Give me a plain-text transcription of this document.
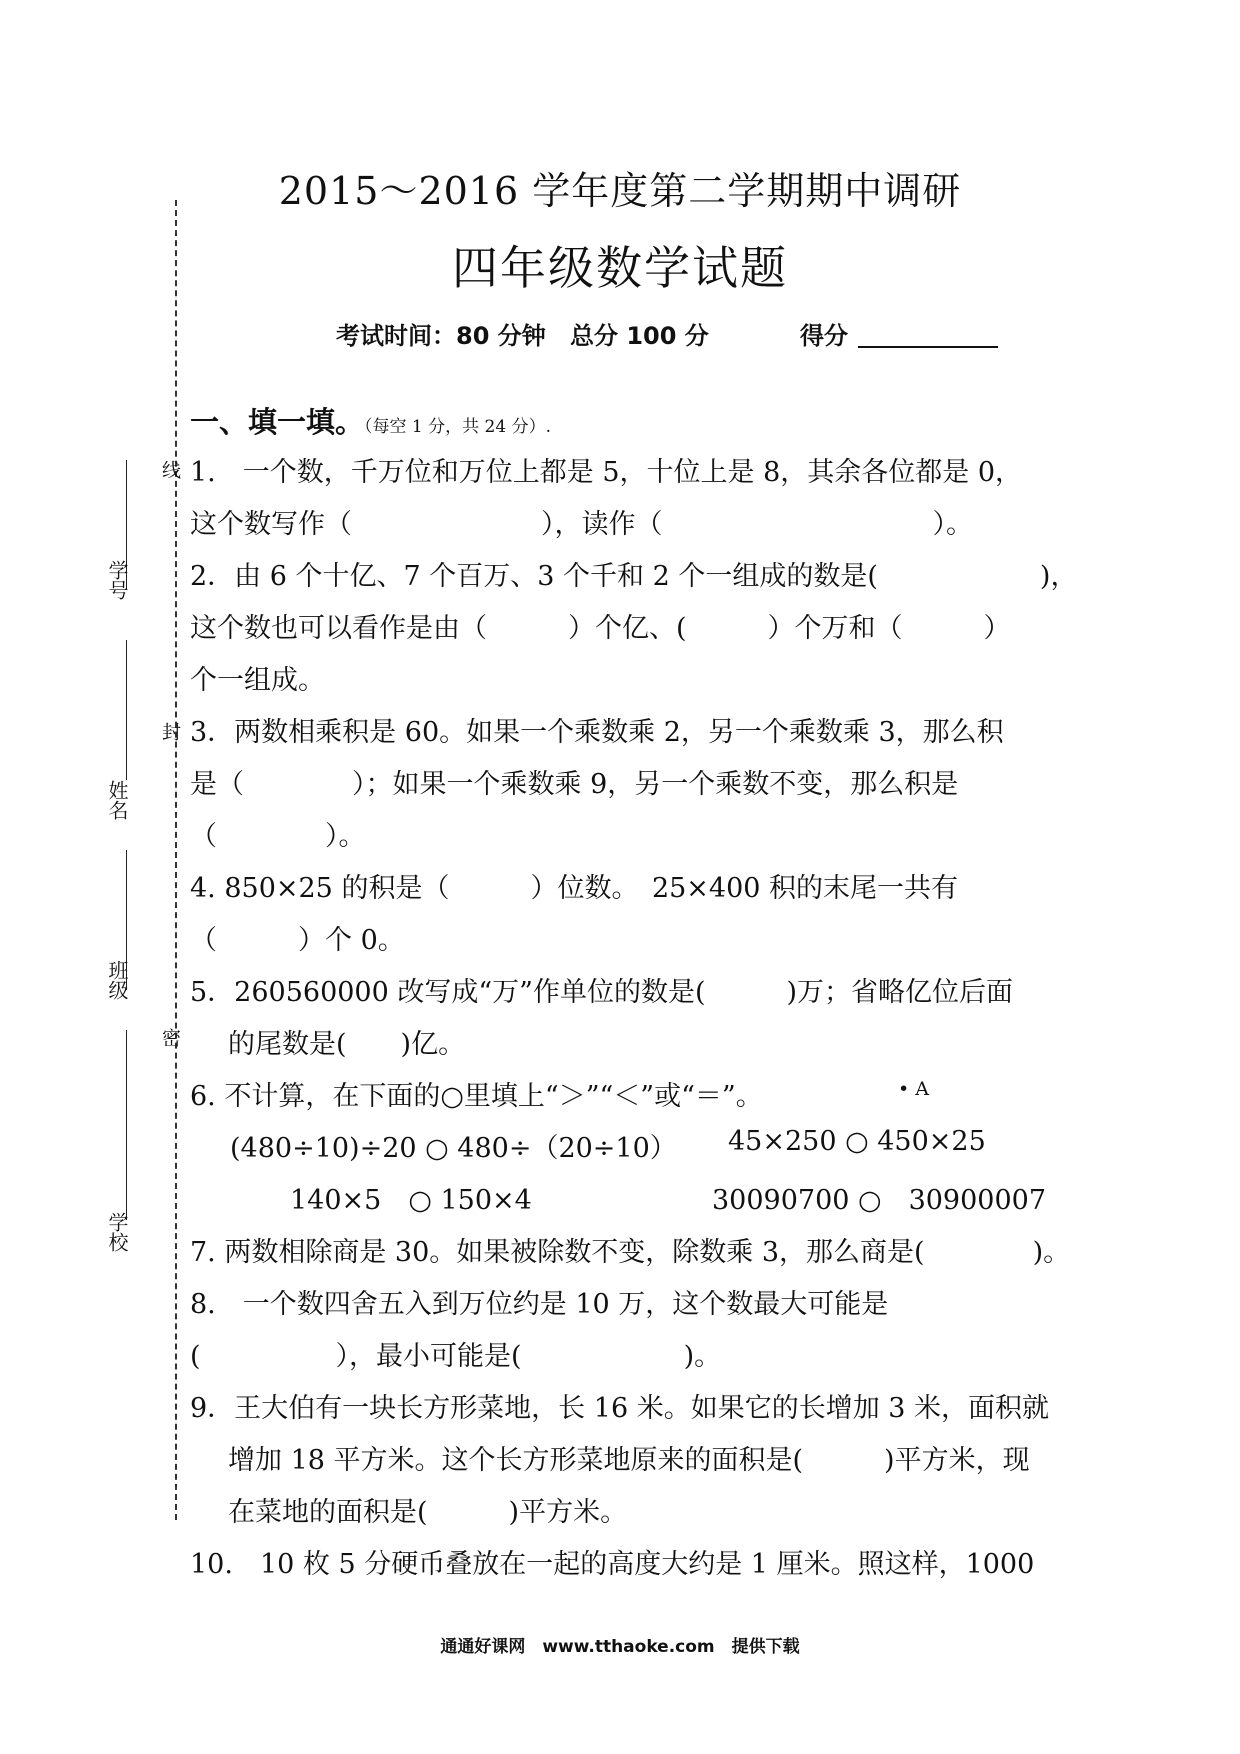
2015～2016 学年度第二学期期中调研
四年级数学试题
考试时间：80 分钟 总分 100 分	得分
线
封
密
学号
姓名
班级
学校
一、填一填。（每空 1 分，共 24 分）.
1.　一个数，千万位和万位上都是 5，十位上是 8，其余各位都是 0，
这个数写作（　　　　　　　），读作（　　　　　　　　　　）。
2．由 6 个十亿、7 个百万、3 个千和 2 个一组成的数是(　　　　　　)，
这个数也可以看作是由（　　　）个亿、(　　　）个万和（　　　）
个一组成。
3．两数相乘积是 60。如果一个乘数乘 2，另一个乘数乘 3，那么积
是（　　　　）；如果一个乘数乘 9，另一个乘数不变，那么积是
（　　　　）。
4. 850×25 的积是（　　　）位数。　25×400 积的末尾一共有
（　　　）个 0。
5．260560000 改写成“万”作单位的数是(　　　)万；省略亿位后面
的尾数是(　　)亿。
6. 不计算，在下面的○里填上“＞”“＜”或“＝”。	• A
(480÷10)÷20 ○ 480÷（20÷10） 45×250 ○ 450×25
140×5　○ 150×4	30090700 ○　30900007
7. 两数相除商是 30。如果被除数不变，除数乘 3，那么商是(　　　　)。
8.　一个数四舍五入到万位约是 10 万，这个数最大可能是
(　　　　　），最小可能是(　　　　　　)。
9．王大伯有一块长方形菜地，长 16 米。如果它的长增加 3 米，面积就
增加 18 平方米。这个长方形菜地原来的面积是(　　　)平方米，现
在菜地的面积是(　　　)平方米。
10.　10 枚 5 分硬币叠放在一起的高度大约是 1 厘米。照这样，1000
通通好课网　www.tthaoke.com　提供下载
